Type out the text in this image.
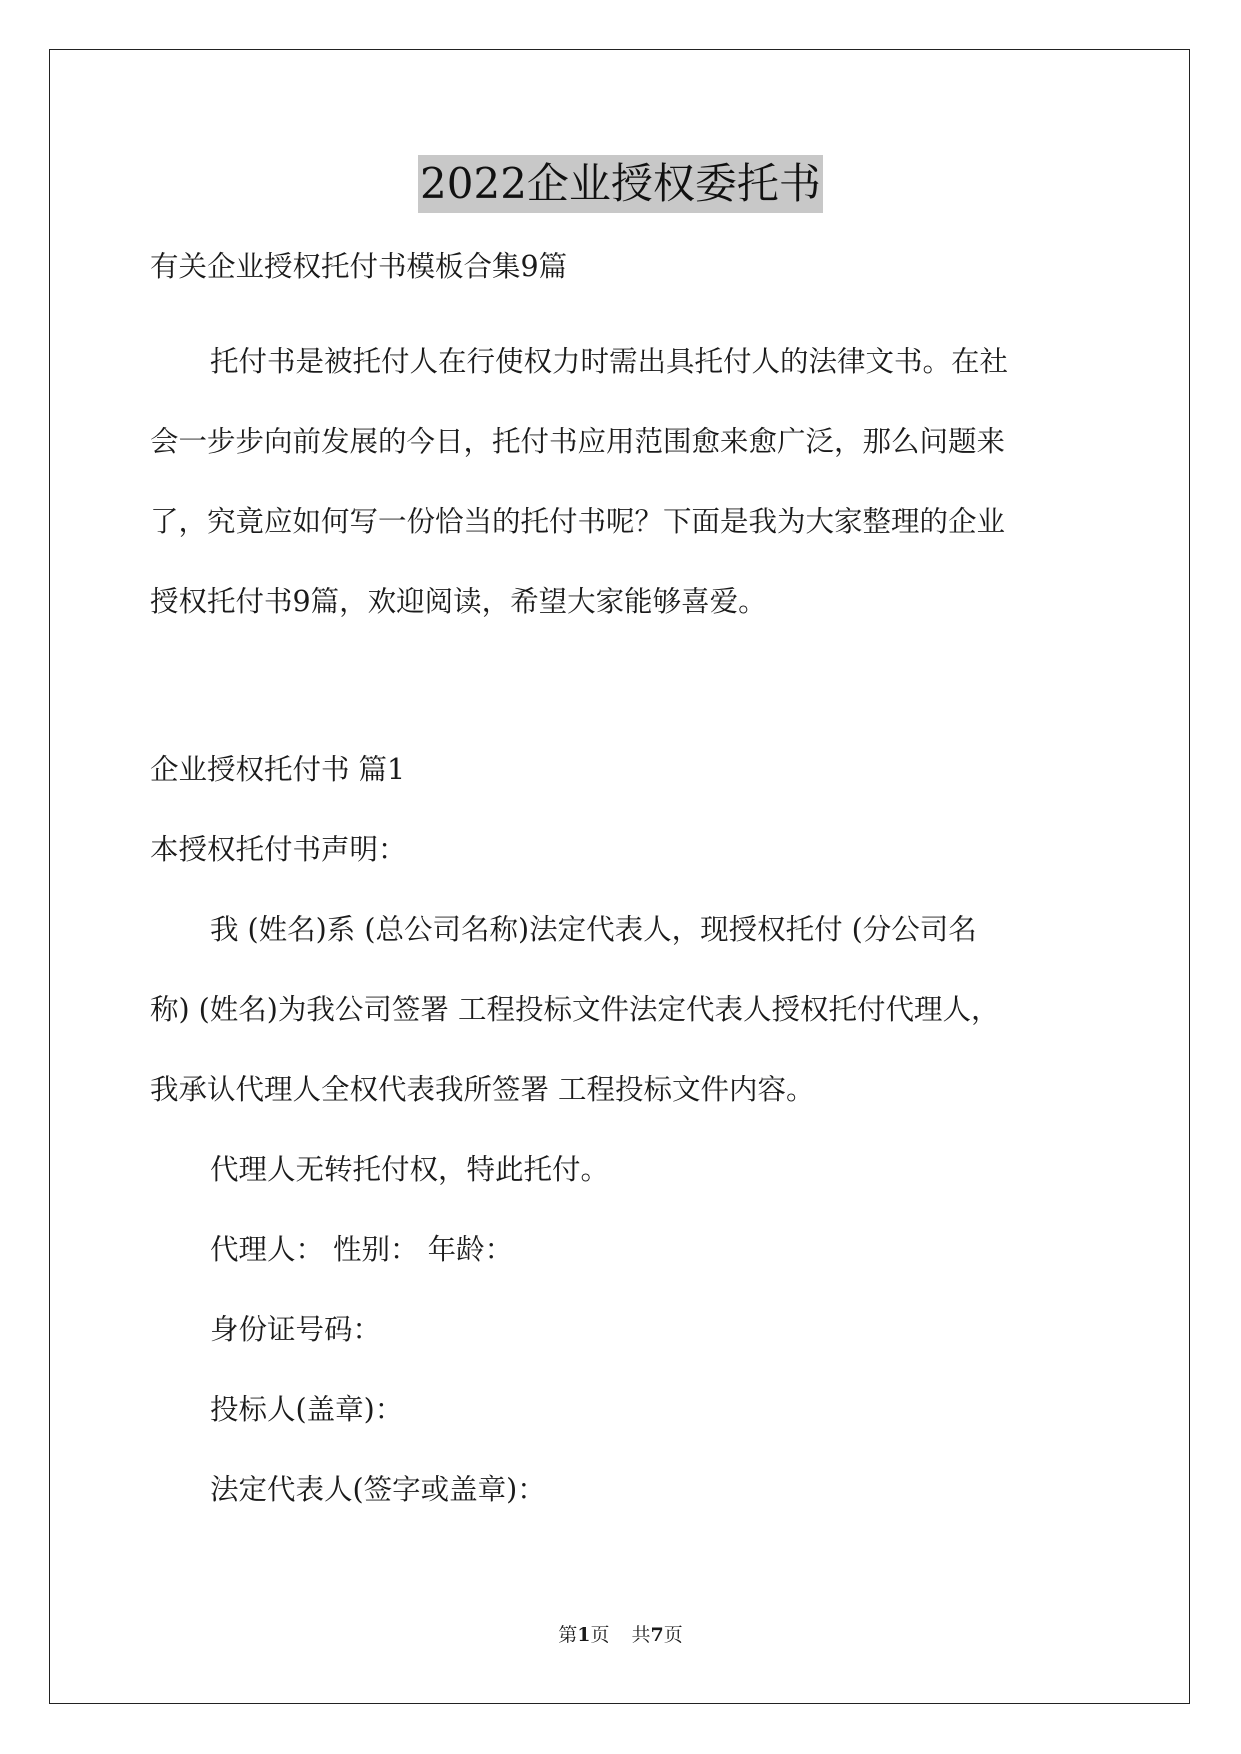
2022企业授权委托书
有关企业授权托付书模板合集9篇
托付书是被托付人在行使权力时需出具托付人的法律文书。在社
会一步步向前发展的今日，托付书应用范围愈来愈广泛，那么问题来
了，究竟应如何写一份恰当的托付书呢？下面是我为大家整理的企业
授权托付书9篇，欢迎阅读，希望大家能够喜爱。
企业授权托付书 篇1
本授权托付书声明：
我 (姓名)系 (总公司名称)法定代表人，现授权托付 (分公司名
称) (姓名)为我公司签署 工程投标文件法定代表人授权托付代理人，
我承认代理人全权代表我所签署 工程投标文件内容。
代理人无转托付权，特此托付。
代理人： 性别： 年龄：
身份证号码：
投标人(盖章)：
法定代表人(签字或盖章)：
第1页 共7页
